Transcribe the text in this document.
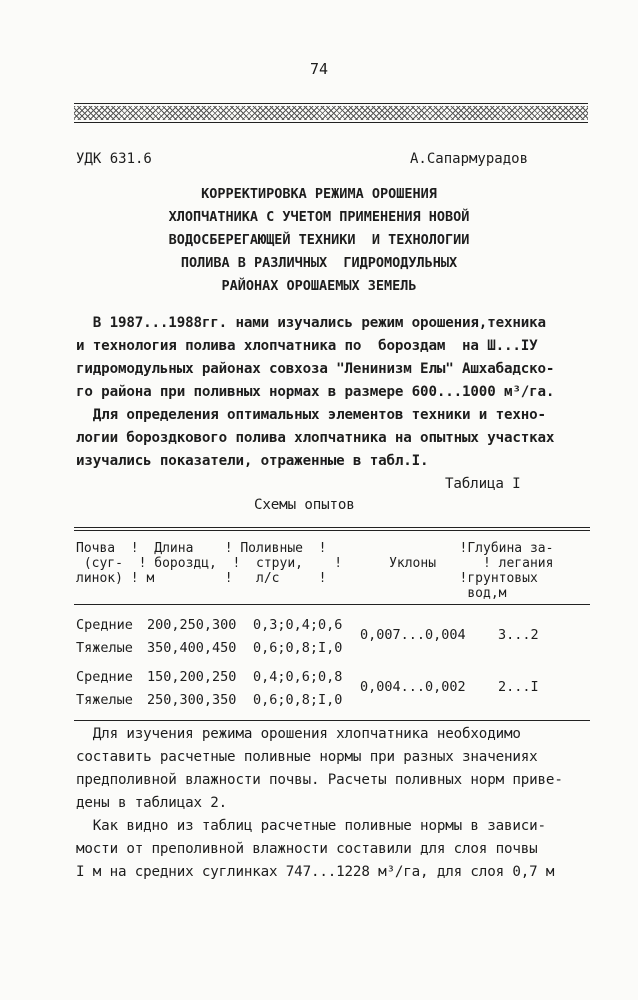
74

УДК 631.6	А.Сапармурадов
КОРРЕКТИРОВКА РЕЖИМА ОРОШЕНИЯ
ХЛОПЧАТНИКА С УЧЕТОМ ПРИМЕНЕНИЯ НОВОЙ
ВОДОСБЕРЕГАЮЩЕЙ ТЕХНИКИ  И ТЕХНОЛОГИИ
ПОЛИВА В РАЗЛИЧНЫХ  ГИДРОМОДУЛЬНЫХ
РАЙОНАХ ОРОШАЕМЫХ ЗЕМЕЛЬ
В 1987...1988гг. нами изучались режим орошения,техника
и технология полива хлопчатника по  бороздам  на Ш...IУ
гидромодульных районах совхоза "Ленинизм Елы" Ашхабадско-
го района при поливных нормах в размере 600...1000 м³/га.
Для определения оптимальных элементов техники и техно-
логии бороздкового полива хлопчатника на опытных участках
изучались показатели, отраженные в табл.I.
Таблица I
Схемы опытов
Почва  !  Длина    ! Поливные  !                 !Глубина за-
(суг-  ! бороздц,  !  струи,    !      Уклоны      ! легания
линок) ! м         !   л/с     !                 !грунтовых
вод,м
Средние 200,250,300 0,3;0,4;0,6
Тяжелые 350,400,450 0,6;0,8;I,0
0,007...0,004 3...2
Средние 150,200,250 0,4;0,6;0,8
Тяжелые 250,300,350 0,6;0,8;I,0
0,004...0,002 2...I
Для изучения режима орошения хлопчатника необходимо
составить расчетные поливные нормы при разных значениях
предполивной влажности почвы. Расчеты поливных норм приве-
дены в таблицах 2.
Как видно из таблиц расчетные поливные нормы в зависи-
мости от преполивной влажности составили для слоя почвы
I м на средних суглинках 747...1228 м³/га, для слоя 0,7 м
